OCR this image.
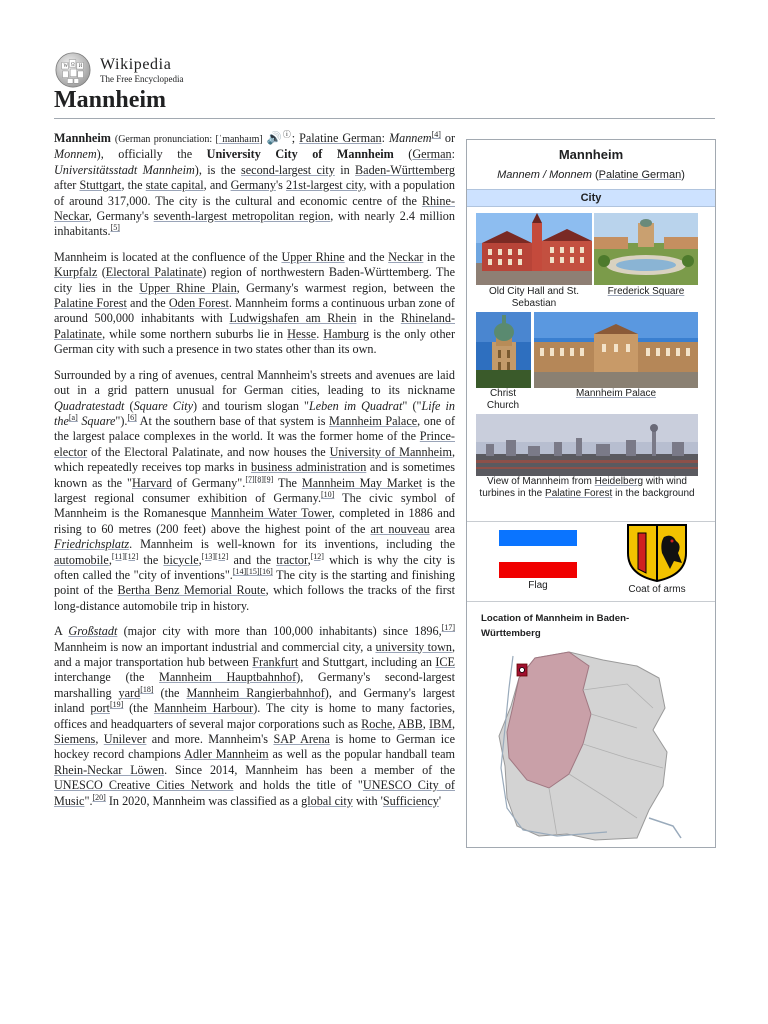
W Ω И Wikipedia
The Free Encyclopedia
Mannheim

Mannheim (German pronunciation: [ˈmanhaɪm] 🔊ⓘ; Palatine German: Mannem[4] or Monnem), officially the University City of Mannheim (German: Universitätsstadt Mannheim), is the second-largest city in Baden-Württemberg after Stuttgart, the state capital, and Germany's 21st-largest city, with a population of around 317,000. The city is the cultural and economic centre of the Rhine-Neckar, Germany's seventh-largest metropolitan region, with nearly 2.4 million inhabitants.[5]

Mannheim is located at the confluence of the Upper Rhine and the Neckar in the Kurpfalz (Electoral Palatinate) region of northwestern Baden-Württemberg. The city lies in the Upper Rhine Plain, Germany's warmest region, between the Palatine Forest and the Oden Forest. Mannheim forms a continuous urban zone of around 500,000 inhabitants with Ludwigshafen am Rhein in the Rhineland-Palatinate, while some northern suburbs lie in Hesse. Hamburg is the only other German city with such a presence in two states other than its own.

Surrounded by a ring of avenues, central Mannheim's streets and avenues are laid out in a grid pattern unusual for German cities, leading to its nickname Quadratestadt (Square City) and tourism slogan "Leben im Quadrat" ("Life in the[a] Square").[6] At the southern base of that system is Mannheim Palace, one of the largest palace complexes in the world. It was the former home of the Prince-elector of the Electoral Palatinate, and now houses the University of Mannheim, which repeatedly receives top marks in business administration and is sometimes known as the "Harvard of Germany".[7][8][9] The Mannheim May Market is the largest regional consumer exhibition of Germany.[10] The civic symbol of Mannheim is the Romanesque Mannheim Water Tower, completed in 1886 and rising to 60 metres (200 feet) above the highest point of the art nouveau area Friedrichsplatz. Mannheim is well-known for its inventions, including the automobile,[11][12] the bicycle,[13][12] and the tractor,[12] which is why the city is often called the "city of inventions".[14][15][16] The city is the starting and finishing point of the Bertha Benz Memorial Route, which follows the tracks of the first long-distance automobile trip in history.

A Großstadt (major city with more than 100,000 inhabitants) since 1896,[17] Mannheim is now an important industrial and commercial city, a university town, and a major transportation hub between Frankfurt and Stuttgart, including an ICE interchange (the Mannheim Hauptbahnhof), Germany's second-largest marshalling yard[18] (the Mannheim Rangierbahnhof), and Germany's largest inland port[19] (the Mannheim Harbour). The city is home to many factories, offices and headquarters of several major corporations such as Roche, ABB, IBM, Siemens, Unilever and more. Mannheim's SAP Arena is home to German ice hockey record champions Adler Mannheim as well as the popular handball team Rhein-Neckar Löwen. Since 2014, Mannheim has been a member of the UNESCO Creative Cities Network and holds the title of "UNESCO City of Music".[20] In 2020, Mannheim was classified as a global city with 'Sufficiency'

Mannheim
Mannem / Monnem (Palatine German)
City
Old City Hall and St. Sebastian
Frederick Square
Christ Church
Mannheim Palace
View of Mannheim from Heidelberg with wind turbines in the Palatine Forest in the background
Flag	Coat of arms
Location of Mannheim in Baden-Württemberg
